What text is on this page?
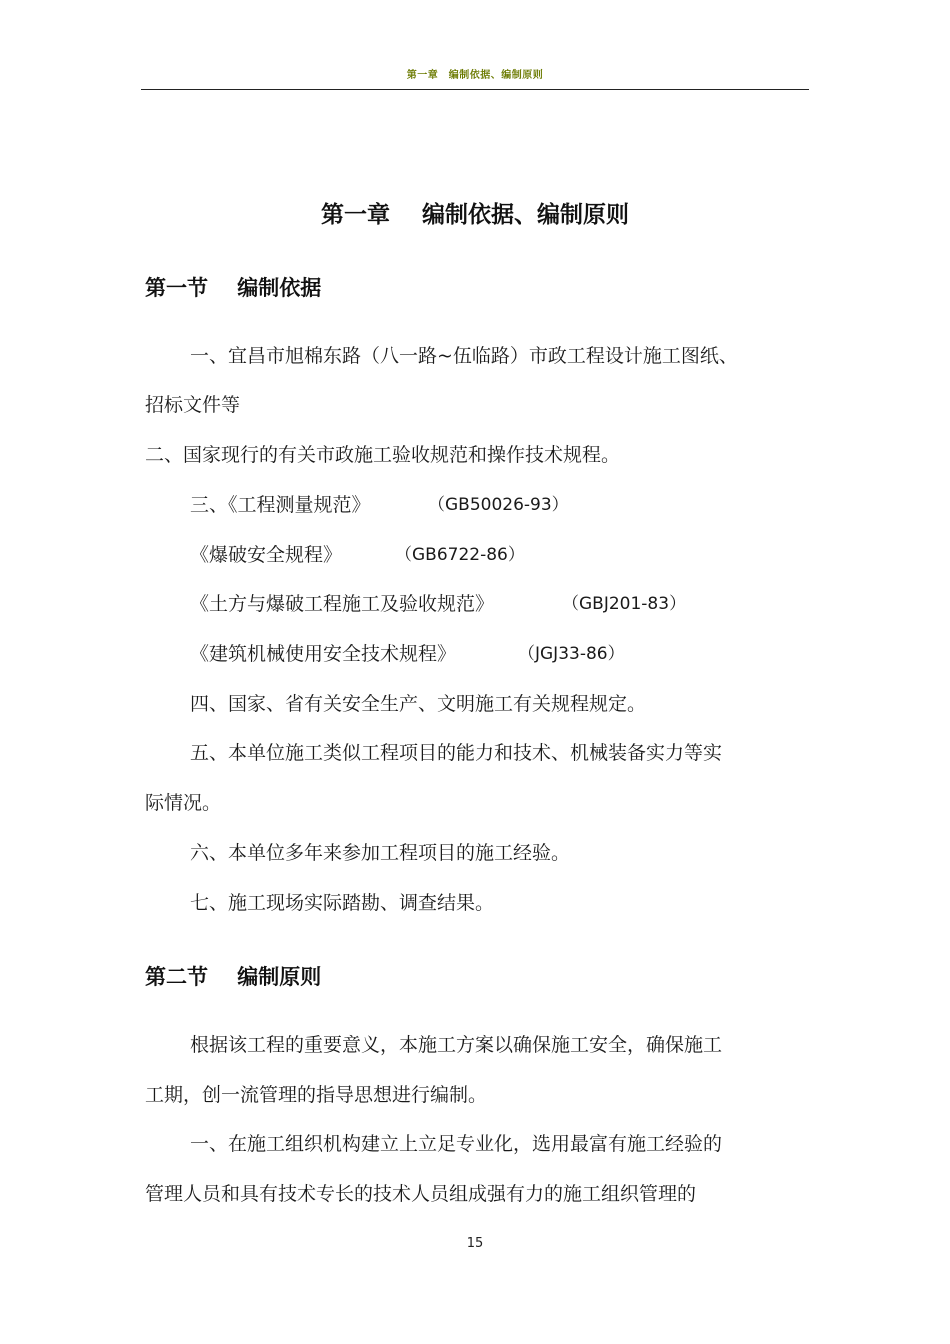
第一章　编制依据、编制原则
第一章    编制依据、编制原则
第一节    编制依据
一、宜昌市旭棉东路（八一路~伍临路）市政工程设计施工图纸、
招标文件等
二、国家现行的有关市政施工验收规范和操作技术规程。
三、《工程测量规范》	（GB50026-93）
《爆破安全规程》	（GB6722-86）
《土方与爆破工程施工及验收规范》	（GBJ201-83）
《建筑机械使用安全技术规程》	（JGJ33-86）
四、国家、省有关安全生产、文明施工有关规程规定。
五、本单位施工类似工程项目的能力和技术、机械装备实力等实
际情况。
六、本单位多年来参加工程项目的施工经验。
七、施工现场实际踏勘、调查结果。
第二节    编制原则
根据该工程的重要意义，本施工方案以确保施工安全，确保施工
工期，创一流管理的指导思想进行编制。
一、在施工组织机构建立上立足专业化，选用最富有施工经验的
管理人员和具有技术专长的技术人员组成强有力的施工组织管理的
15
